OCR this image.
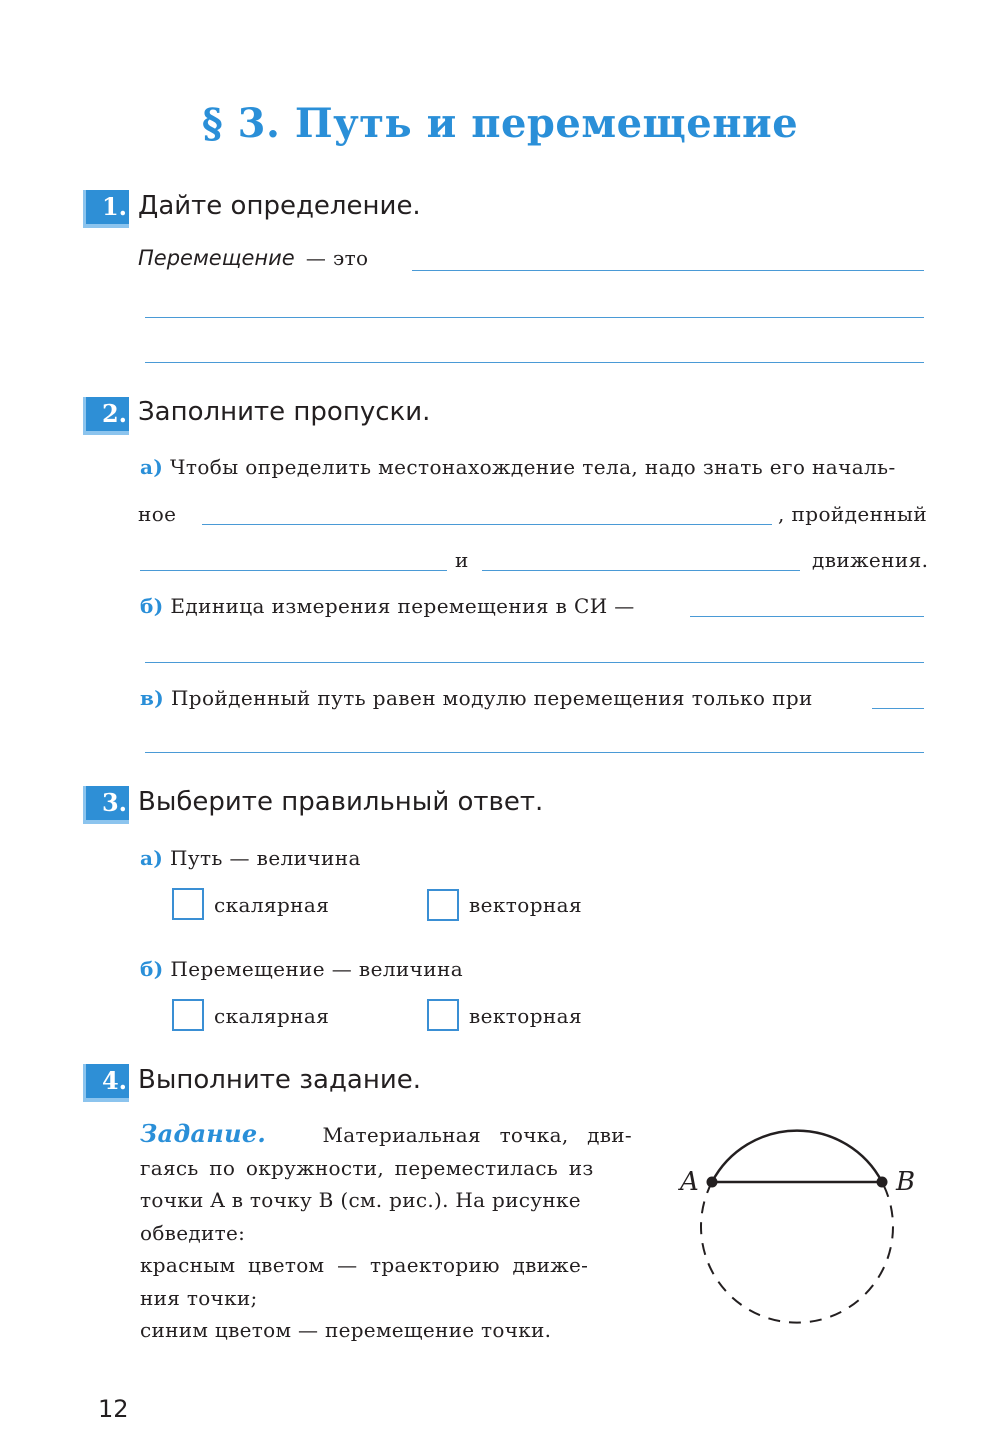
§ 3. Путь и перемещение
1. Дайте определение.
Перемещение — это
2. Заполните пропуски.
а) Чтобы определить местонахождение тела, надо знать его началь-
ное	, пройденный
и	движения.
б) Единица измерения перемещения в СИ —
в) Пройденный путь равен модулю перемещения только при
3. Выберите правильный ответ.
а) Путь — величина
скалярная	векторная
б) Перемещение — величина
скалярная	векторная
4. Выполните задание.
Задание.	Материальная точка, дви-
гаясь по окружности, переместилась из
точки A в точку B (см. рис.). На рисунке
обведите:
красным цветом — траекторию движе-
ния точки;
синим цветом — перемещение точки.
A	B
12
